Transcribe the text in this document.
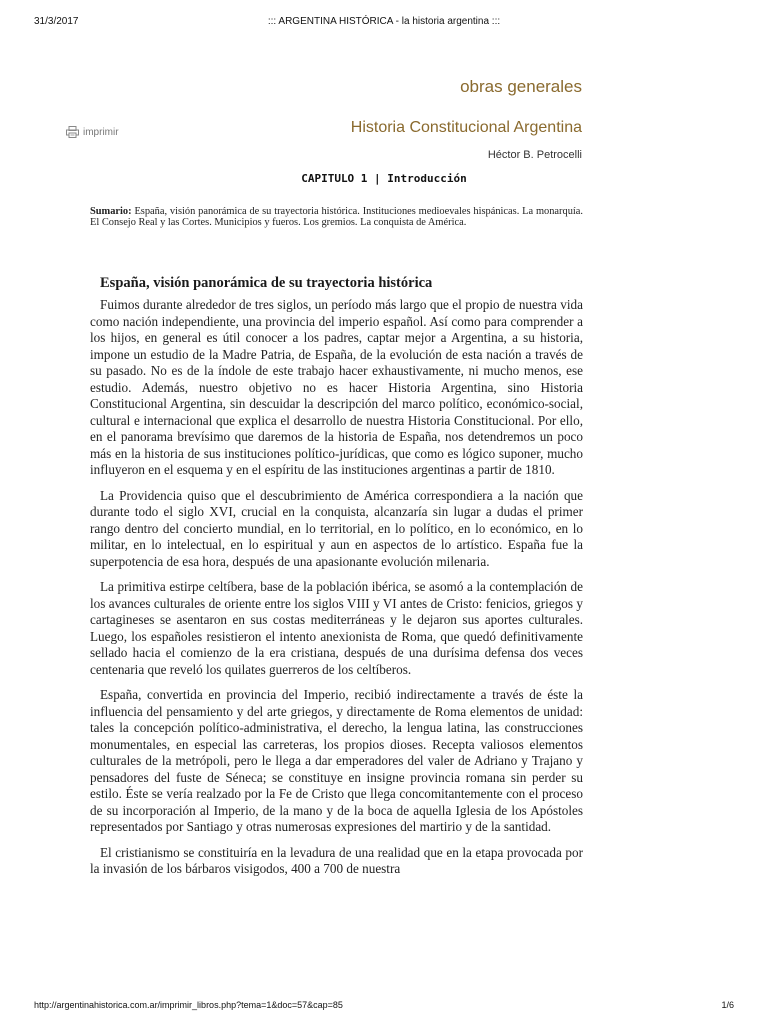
31/3/2017	::: ARGENTINA HISTÓRICA - la historia argentina :::
obras generales
imprimir	Historia Constitucional Argentina
Héctor B. Petrocelli
CAPITULO 1 | Introducción
Sumario: España, visión panorámica de su trayectoria histórica. Instituciones medioevales hispánicas. La monarquía. El Consejo Real y las Cortes. Municipios y fueros. Los gremios. La conquista de América.
España, visión panorámica de su trayectoria histórica

Fuimos durante alrededor de tres siglos, un período más largo que el propio de nuestra vida como nación independiente, una provincia del imperio español. Así como para comprender a los hijos, en general es útil conocer a los padres, captar mejor a Argentina, a su historia, impone un estudio de la Madre Patria, de España, de la evolución de esta nación a través de su pasado. No es de la índole de este trabajo hacer exhaustivamente, ni mucho menos, ese estudio. Además, nuestro objetivo no es hacer Historia Argentina, sino Historia Constitucional Argentina, sin descuidar la descripción del marco político, económico-social, cultural e internacional que explica el desarrollo de nuestra Historia Constitucional. Por ello, en el panorama brevísimo que daremos de la historia de España, nos detendremos un poco más en la historia de sus instituciones político-jurídicas, que como es lógico suponer, mucho influyeron en el esquema y en el espíritu de las instituciones argentinas a partir de 1810.

La Providencia quiso que el descubrimiento de América correspondiera a la nación que durante todo el siglo XVI, crucial en la conquista, alcanzaría sin lugar a dudas el primer rango dentro del concierto mundial, en lo territorial, en lo político, en lo económico, en lo militar, en lo intelectual, en lo espiritual y aun en aspectos de lo artístico. España fue la superpotencia de esa hora, después de una apasionante evolución milenaria.

La primitiva estirpe celtíbera, base de la población ibérica, se asomó a la contemplación de los avances culturales de oriente entre los siglos VIII y VI antes de Cristo: fenicios, griegos y cartagineses se asentaron en sus costas mediterráneas y le dejaron sus aportes culturales. Luego, los españoles resistieron el intento anexionista de Roma, que quedó definitivamente sellado hacia el comienzo de la era cristiana, después de una durísima defensa dos veces centenaria que reveló los quilates guerreros de los celtíberos.

España, convertida en provincia del Imperio, recibió indirectamente a través de éste la influencia del pensamiento y del arte griegos, y directamente de Roma elementos de unidad: tales la concepción político-administrativa, el derecho, la lengua latina, las construcciones monumentales, en especial las carreteras, los propios dioses. Recepta valiosos elementos culturales de la metrópoli, pero le llega a dar emperadores del valer de Adriano y Trajano y pensadores del fuste de Séneca; se constituye en insigne provincia romana sin perder su estilo. Éste se vería realzado por la Fe de Cristo que llega concomitantemente con el proceso de su incorporación al Imperio, de la mano y de la boca de aquella Iglesia de los Apóstoles representados por Santiago y otras numerosas expresiones del martirio y de la santidad.

El cristianismo se constituiría en la levadura de una realidad que en la etapa provocada por la invasión de los bárbaros visigodos, 400 a 700 de nuestra

http://argentinahistorica.com.ar/imprimir_libros.php?tema=1&doc=57&cap=85	1/6
